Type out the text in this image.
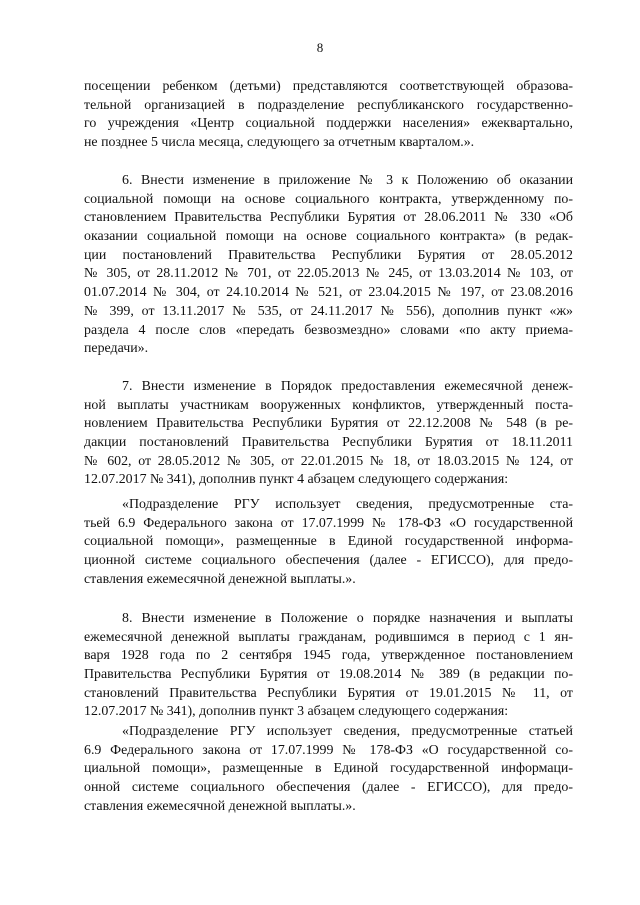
8
посещении ребенком (детьми) представляются соответствующей образова-
тельной организацией в подразделение республиканского государственно-
го учреждения «Центр социальной поддержки населения» ежеквартально,
не позднее 5 числа месяца, следующего за отчетным кварталом.».
6. Внести изменение в приложение № 3 к Положению об оказании
социальной помощи на основе социального контракта, утвержденному по-
становлением Правительства Республики Бурятия от 28.06.2011 № 330 «Об
оказании социальной помощи на основе социального контракта» (в редак-
ции постановлений Правительства Республики Бурятия от 28.05.2012
№ 305, от 28.11.2012 № 701, от 22.05.2013 № 245, от 13.03.2014 № 103, от
01.07.2014 № 304, от 24.10.2014 № 521, от 23.04.2015 № 197, от 23.08.2016
№ 399, от 13.11.2017 № 535, от 24.11.2017 № 556), дополнив пункт «ж»
раздела 4 после слов «передать безвозмездно» словами «по акту приема-
передачи».
7. Внести изменение в Порядок предоставления ежемесячной денеж-
ной выплаты участникам вооруженных конфликтов, утвержденный поста-
новлением Правительства Республики Бурятия от 22.12.2008 № 548 (в ре-
дакции постановлений Правительства Республики Бурятия от 18.11.2011
№ 602, от 28.05.2012 № 305, от 22.01.2015 № 18, от 18.03.2015 № 124, от
12.07.2017 № 341), дополнив пункт 4 абзацем следующего содержания:
«Подразделение РГУ использует сведения, предусмотренные ста-
тьей 6.9 Федерального закона от 17.07.1999 № 178-ФЗ «О государственной
социальной помощи», размещенные в Единой государственной информа-
ционной системе социального обеспечения (далее - ЕГИССО), для предо-
ставления ежемесячной денежной выплаты.».
8. Внести изменение в Положение о порядке назначения и выплаты
ежемесячной денежной выплаты гражданам, родившимся в период с 1 ян-
варя 1928 года по 2 сентября 1945 года, утвержденное постановлением
Правительства Республики Бурятия от 19.08.2014 № 389 (в редакции по-
становлений Правительства Республики Бурятия от 19.01.2015 № 11, от
12.07.2017 № 341), дополнив пункт 3 абзацем следующего содержания:
«Подразделение РГУ использует сведения, предусмотренные статьей
6.9 Федерального закона от 17.07.1999 № 178-ФЗ «О государственной со-
циальной помощи», размещенные в Единой государственной информаци-
онной системе социального обеспечения (далее - ЕГИССО), для предо-
ставления ежемесячной денежной выплаты.».
